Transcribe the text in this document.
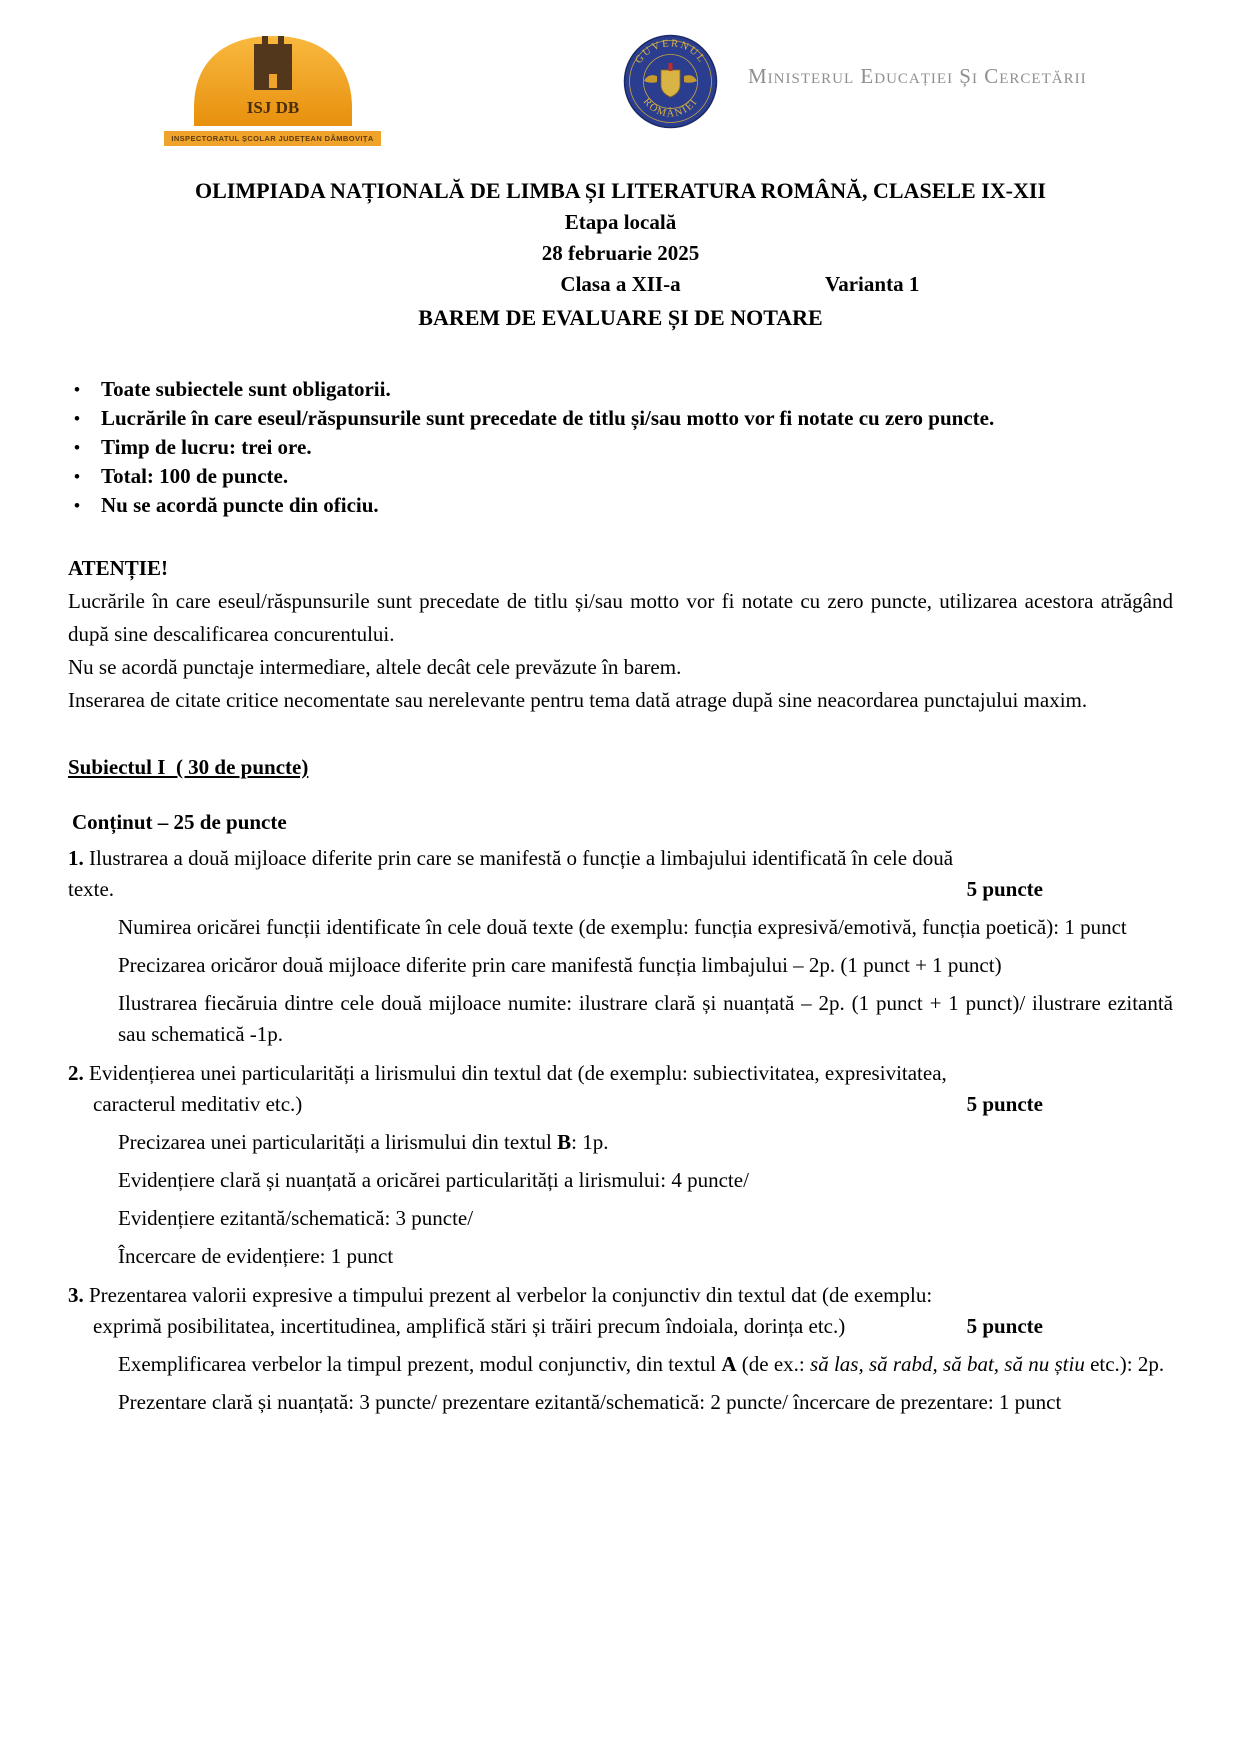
ISJ DB
INSPECTORATUL ȘCOLAR JUDEȚEAN DÂMBOVIȚA
GUVERNUL
ROMÂNIEI
Ministerul Educației Și Cercetării
OLIMPIADA NAȚIONALĂ DE LIMBA ȘI LITERATURA ROMÂNĂ, CLASELE IX-XII
Etapa locală
28 februarie 2025
Clasa a XII-a	Varianta 1
BAREM DE EVALUARE ȘI DE NOTARE
• Toate subiectele sunt obligatorii.
• Lucrările în care eseul/răspunsurile sunt precedate de titlu și/sau motto vor fi notate cu zero puncte.
• Timp de lucru: trei ore.
• Total: 100 de puncte.
• Nu se acordă puncte din oficiu.
ATENȚIE!

Lucrările în care eseul/răspunsurile sunt precedate de titlu și/sau motto vor fi notate cu zero puncte, utilizarea acestora atrăgând după sine descalificarea concurentului.

Nu se acordă punctaje intermediare, altele decât cele prevăzute în barem.

Inserarea de citate critice necomentate sau nerelevante pentru tema dată atrage după sine neacordarea punctajului maxim.

Subiectul I  ( 30 de puncte)
Conținut – 25 de puncte
1. Ilustrarea a două mijloace diferite prin care se manifestă o funcție a limbajului identificată în cele două
texte.	5 puncte
Numirea oricărei funcții identificate în cele două texte (de exemplu: funcția expresivă/emotivă, funcția poetică): 1 punct
Precizarea oricăror două mijloace diferite prin care manifestă funcția limbajului – 2p. (1 punct + 1 punct)
Ilustrarea fiecăruia dintre cele două mijloace numite: ilustrare clară și nuanțată – 2p. (1 punct + 1 punct)/ ilustrare ezitantă sau schematică -1p.
2. Evidențierea unei particularități a lirismului din textul dat (de exemplu: subiectivitatea, expresivitatea,
caracterul meditativ etc.)	5 puncte
Precizarea unei particularități a lirismului din textul B: 1p.
Evidențiere clară și nuanțată a oricărei particularități a lirismului: 4 puncte/
Evidențiere ezitantă/schematică: 3 puncte/
Încercare de evidențiere: 1 punct
3. Prezentarea valorii expresive a timpului prezent al verbelor la conjunctiv din textul dat (de exemplu:
exprimă posibilitatea, incertitudinea, amplifică stări și trăiri precum îndoiala, dorința etc.)	5 puncte
Exemplificarea verbelor la timpul prezent, modul conjunctiv, din textul A (de ex.: să las, să rabd, să bat, să nu știu etc.): 2p.
Prezentare clară și nuanțată: 3 puncte/ prezentare ezitantă/schematică: 2 puncte/ încercare de prezentare: 1 punct
